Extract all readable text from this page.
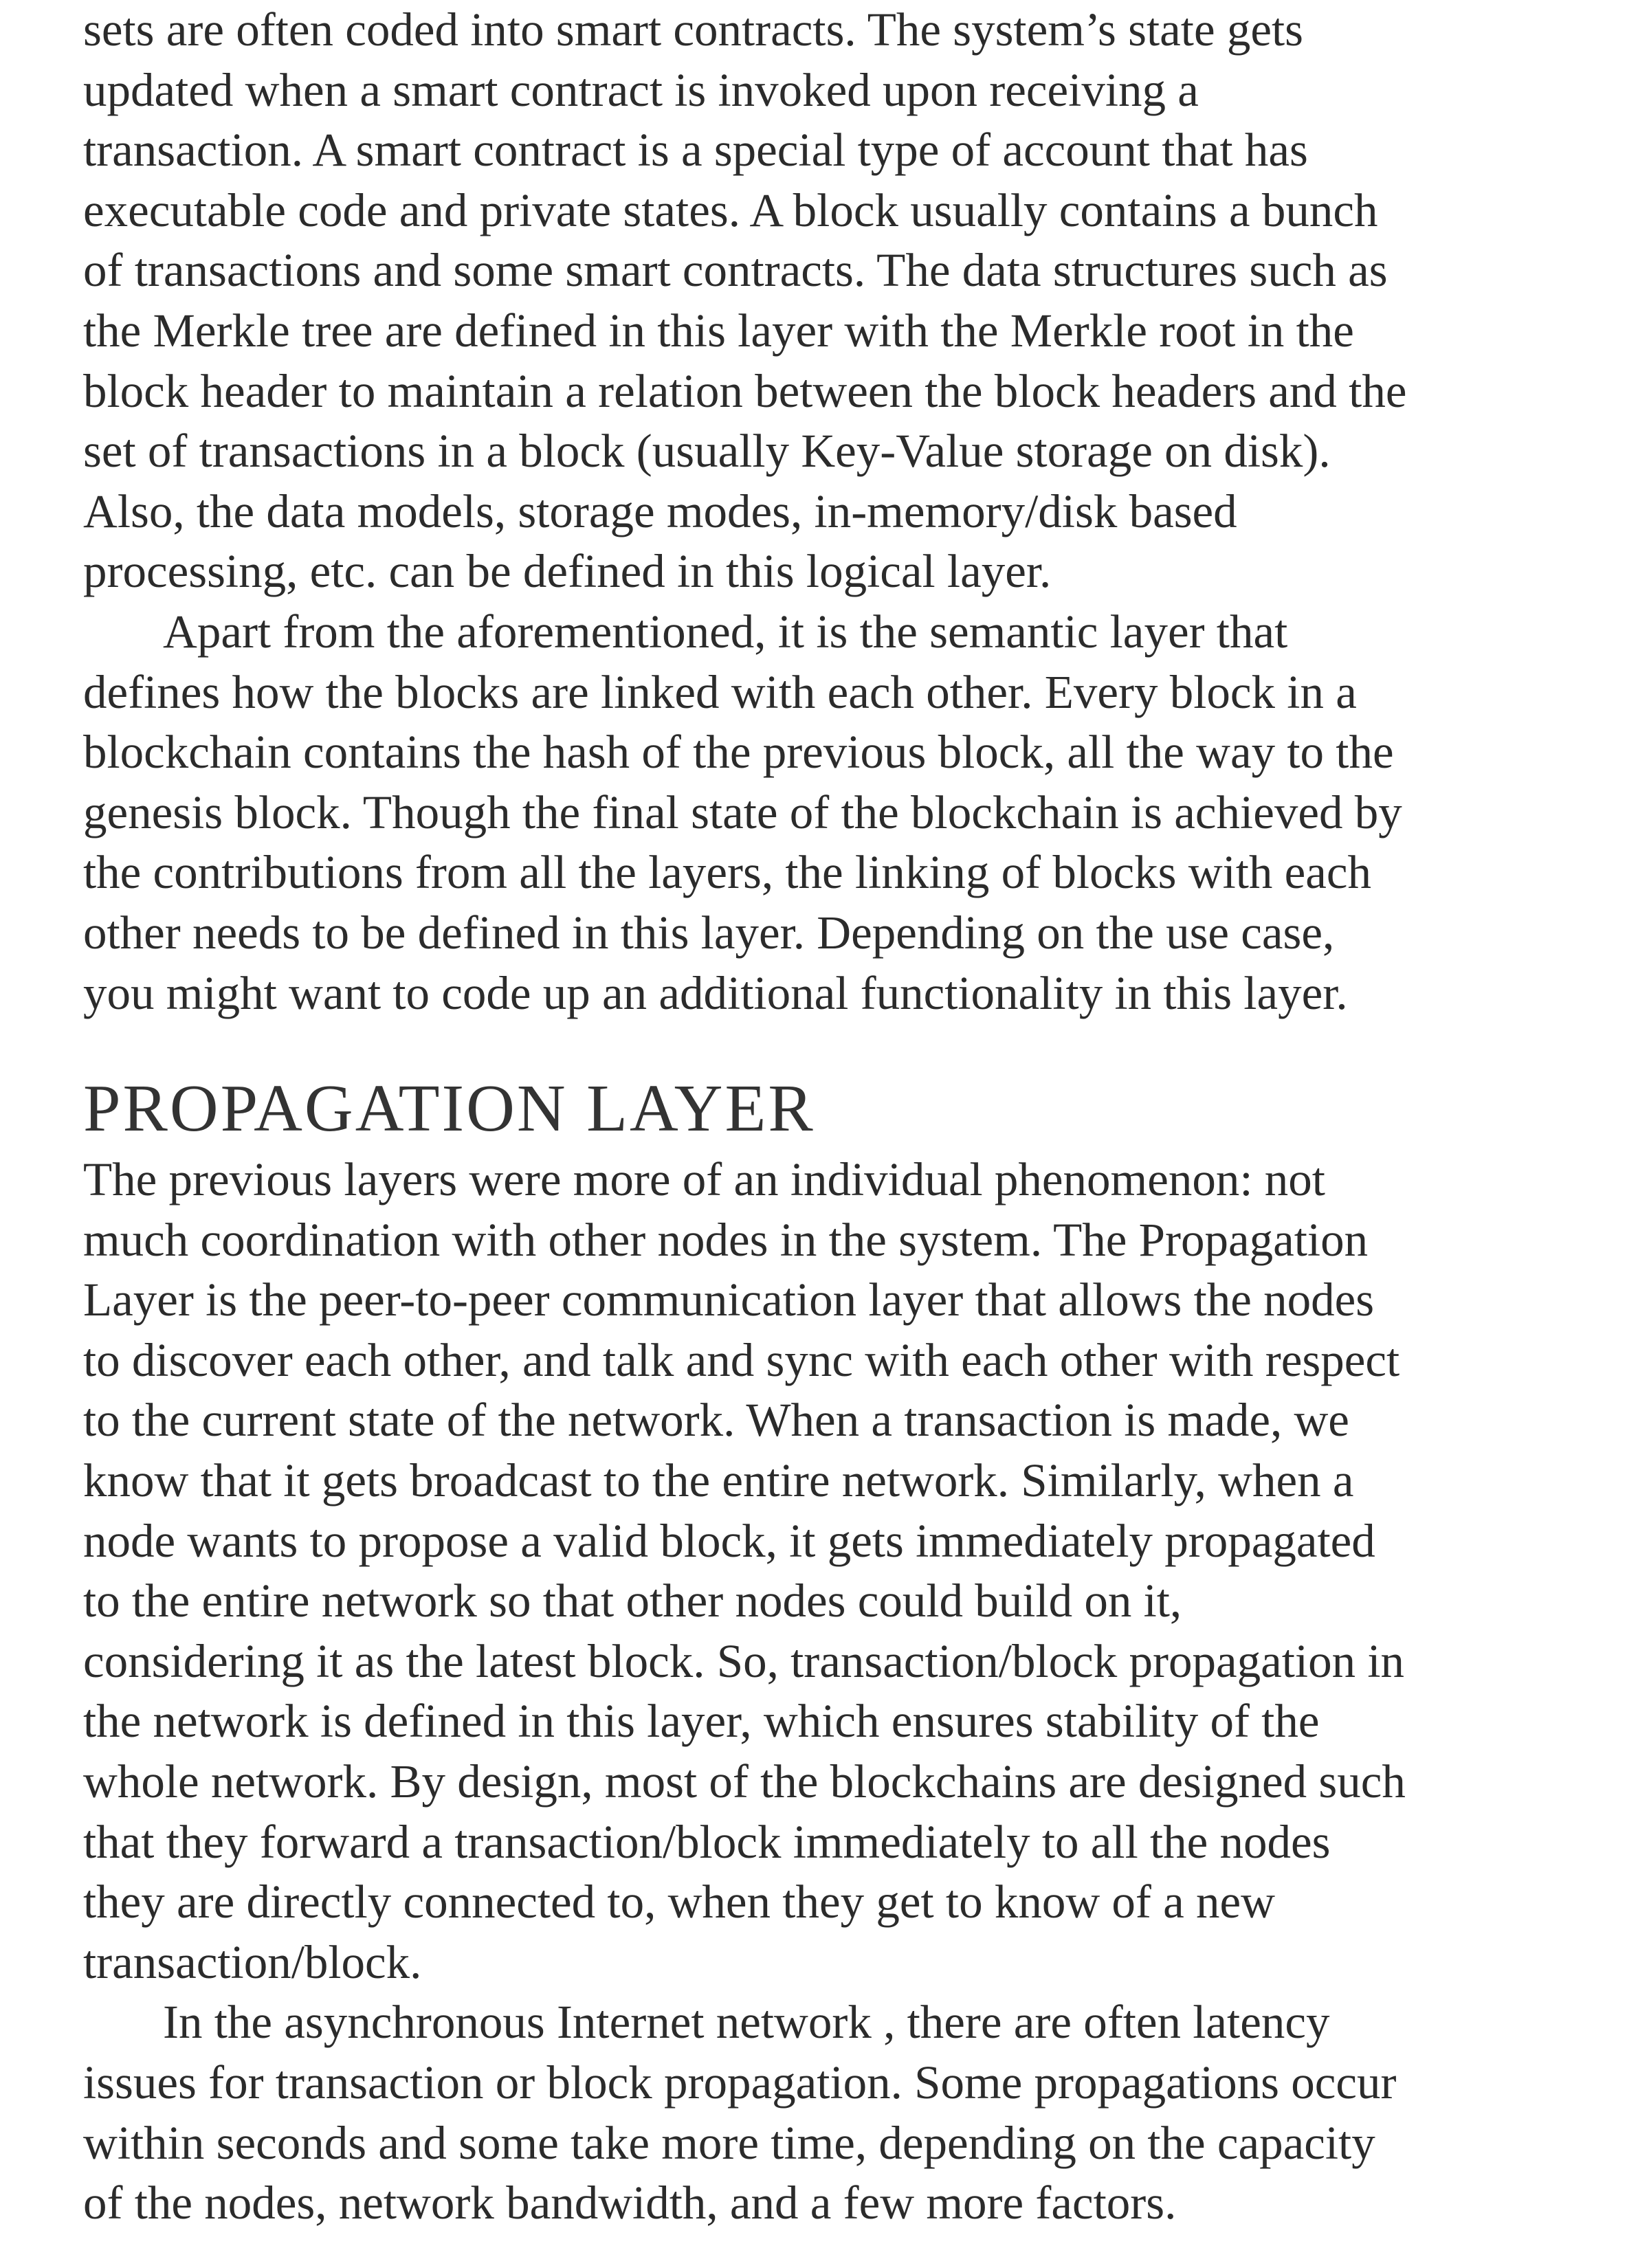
sets are often coded into smart contracts. The system’s state gets
updated when a smart contract is invoked upon receiving a
transaction. A smart contract is a special type of account that has
executable code and private states. A block usually contains a bunch
of transactions and some smart contracts. The data structures such as
the Merkle tree are defined in this layer with the Merkle root in the
block header to maintain a relation between the block headers and the
set of transactions in a block (usually Key-Value storage on disk).
Also, the data models, storage modes, in-memory/disk based
processing, etc. can be defined in this logical layer.
Apart from the aforementioned, it is the semantic layer that
defines how the blocks are linked with each other. Every block in a
blockchain contains the hash of the previous block, all the way to the
genesis block. Though the final state of the blockchain is achieved by
the contributions from all the layers, the linking of blocks with each
other needs to be defined in this layer. Depending on the use case,
you might want to code up an additional functionality in this layer.
PROPAGATION LAYER
The previous layers were more of an individual phenomenon: not
much coordination with other nodes in the system. The Propagation
Layer is the peer-to-peer communication layer that allows the nodes
to discover each other, and talk and sync with each other with respect
to the current state of the network. When a transaction is made, we
know that it gets broadcast to the entire network. Similarly, when a
node wants to propose a valid block, it gets immediately propagated
to the entire network so that other nodes could build on it,
considering it as the latest block. So, transaction/block propagation in
the network is defined in this layer, which ensures stability of the
whole network. By design, most of the blockchains are designed such
that they forward a transaction/block immediately to all the nodes
they are directly connected to, when they get to know of a new
transaction/block.
In the asynchronous Internet network , there are often latency
issues for transaction or block propagation. Some propagations occur
within seconds and some take more time, depending on the capacity
of the nodes, network bandwidth, and a few more factors.
